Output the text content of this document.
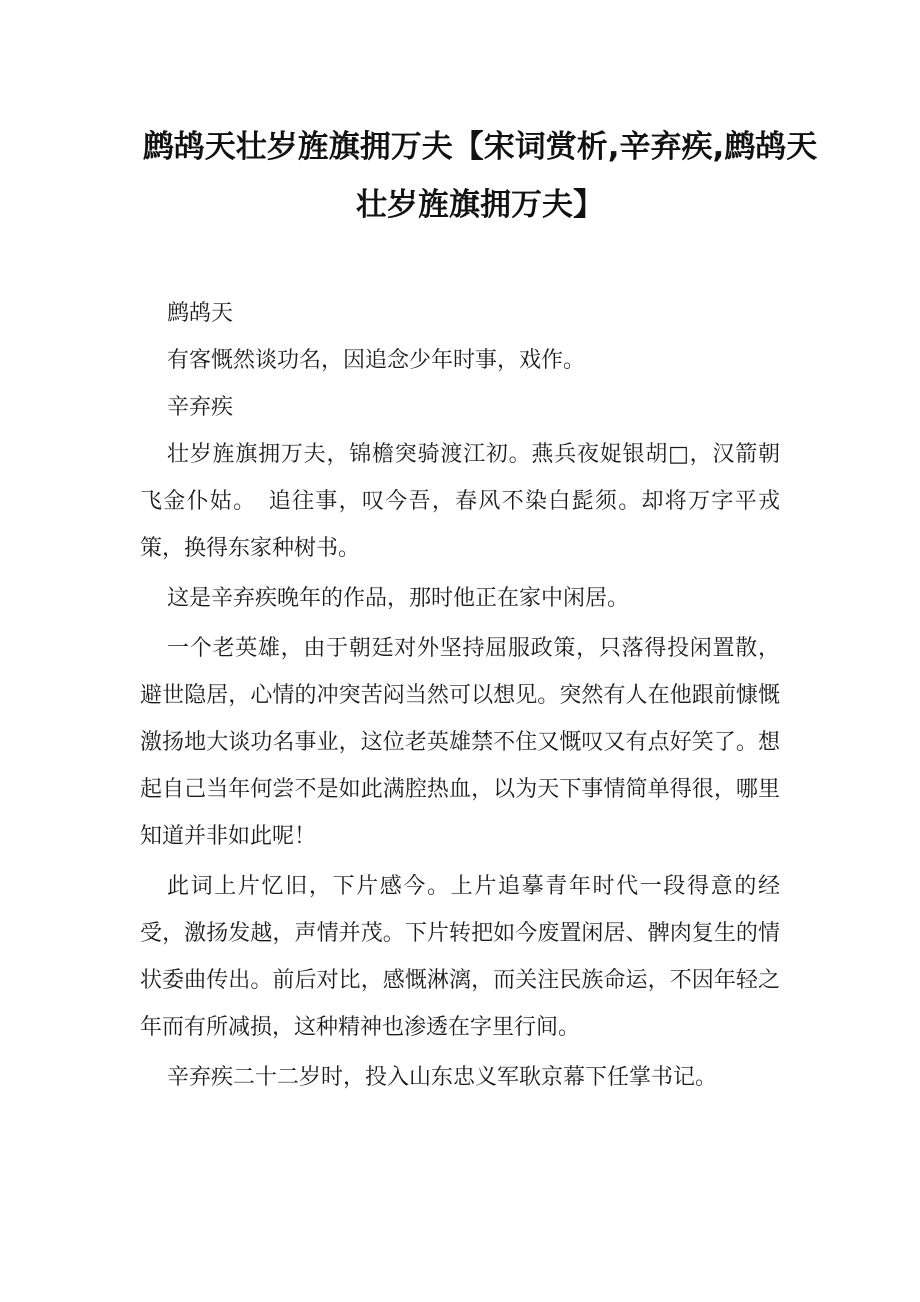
鹧鸪天壮岁旌旗拥万夫【宋词赏析,辛弃疾,鹧鸪天壮岁旌旗拥万夫】

鹧鸪天

有客慨然谈功名，因追念少年时事，戏作。

辛弃疾

壮岁旌旗拥万夫，锦檐突骑渡江初。燕兵夜娖银胡□，汉箭朝飞金仆姑。　追往事，叹今吾，春风不染白髭须。却将万字平戎策，换得东家种树书。

这是辛弃疾晚年的作品，那时他正在家中闲居。

一个老英雄，由于朝廷对外坚持屈服政策，只落得投闲置散，避世隐居，心情的冲突苦闷当然可以想见。突然有人在他跟前慷慨激扬地大谈功名事业，这位老英雄禁不住又慨叹又有点好笑了。想起自己当年何尝不是如此满腔热血，以为天下事情简单得很，哪里知道并非如此呢！

此词上片忆旧，下片感今。上片追摹青年时代一段得意的经受，激扬发越，声情并茂。下片转把如今废置闲居、髀肉复生的情状委曲传出。前后对比，感慨淋漓，而关注民族命运，不因年轻之年而有所减损，这种精神也渗透在字里行间。

辛弃疾二十二岁时，投入山东忠义军耿京幕下任掌书记。
